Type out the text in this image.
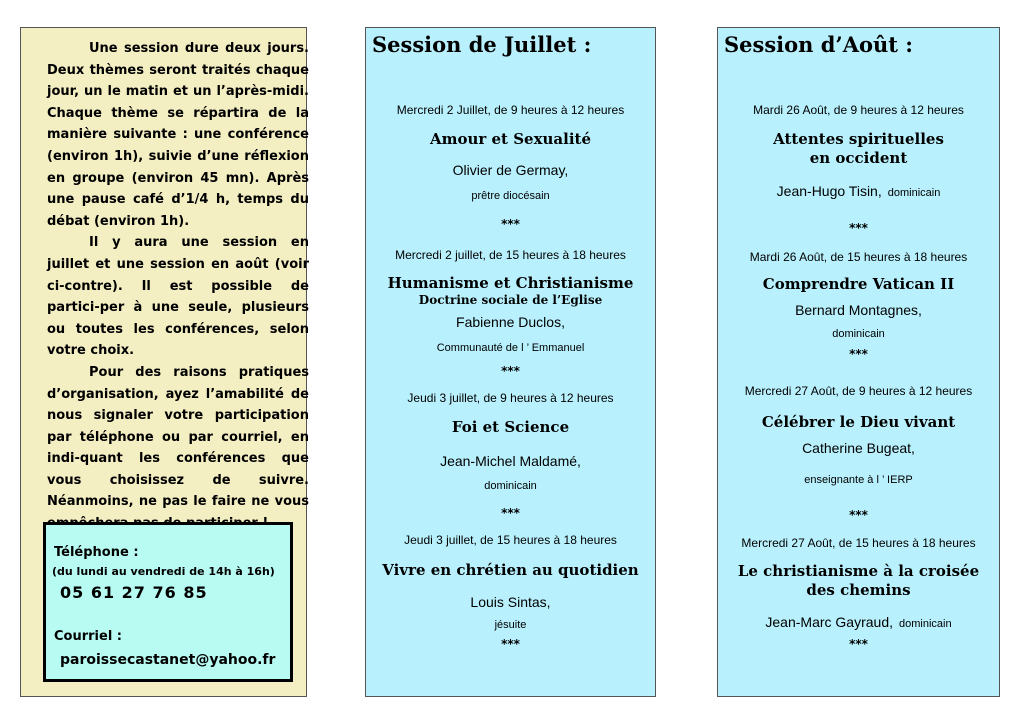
Une session dure deux jours. Deux thèmes seront traités chaque jour, un le matin et un l’après-midi. Chaque thème se répartira de la manière suivante : une conférence (environ 1h), suivie d’une réflexion en groupe (environ 45 mn). Après une pause café d’1/4 h, temps du débat (environ 1h).

Il y aura une session en juillet et une session en août (voir ci-contre). Il est possible de partici-per à une seule, plusieurs ou toutes les conférences, selon votre choix.

Pour des raisons pratiques d’organisation, ayez l’amabilité de nous signaler votre participation par téléphone ou par courriel, en indi-quant les conférences que vous choisissez de suivre. Néanmoins, ne pas le faire ne vous

Téléphone :
(du lundi au vendredi de 14h à 16h)
05 61 27 76 85
Courriel :
paroissecastanet@yahoo.fr
Session de Juillet :
Mercredi 2 Juillet, de 9 heures à 12 heures
Amour et Sexualité
Olivier de Germay,
prêtre diocésain
***
Mercredi 2 juillet, de 15 heures à 18 heures
Humanisme et Christianisme
Doctrine sociale de l’Eglise
Fabienne Duclos,
Communauté de l ’ Emmanuel
***
Jeudi 3 juillet, de 9 heures à 12 heures
Foi et Science
Jean-Michel Maldamé,
dominicain
***
Jeudi 3 juillet, de 15 heures à 18 heures
Vivre en chrétien au quotidien
Louis Sintas,
jésuite
***
Session d’Août :
Mardi 26 Août, de 9 heures à 12 heures
Attentes spirituelles
en occident
Jean-Hugo Tisin, dominicain
***
Mardi 26 Août, de 15 heures à 18 heures
Comprendre Vatican II
Bernard Montagnes,
dominicain
***
Mercredi 27 Août, de 9 heures à 12 heures
Célébrer le Dieu vivant
Catherine Bugeat,
enseignante à l ’ IERP
***
Mercredi 27 Août, de 15 heures à 18 heures
Le christianisme à la croisée
des chemins
Jean-Marc Gayraud, dominicain
***
